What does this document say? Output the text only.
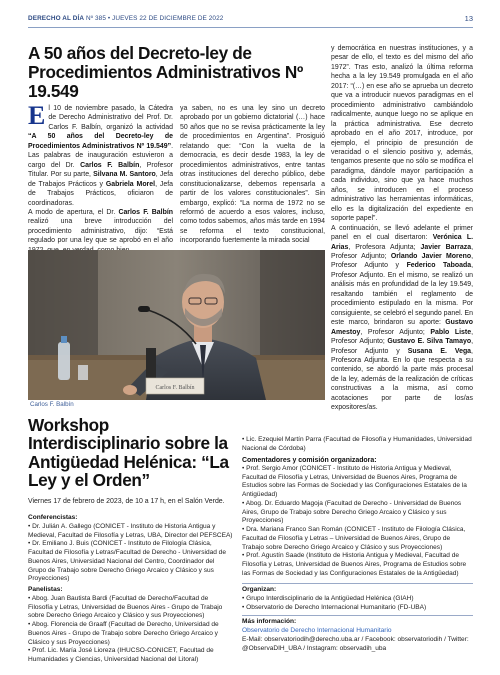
DERECHO AL DÍA Nº 385 • JUEVES 22 DE DICIEMBRE DE 2022	13
A 50 años del Decreto-ley de Procedimientos Administrativos Nº 19.549

El 10 de noviembre pasado, la Cátedra de Derecho Administrativo del Prof. Dr. Carlos F. Balbín, organizó la actividad “A 50 años del Decreto-ley de Procedimientos Administrativos Nº 19.549”. Las palabras de inauguración estuvieron a cargo del Dr. Carlos F. Balbín, Profesor Titular. Por su parte, Silvana M. Santoro, Jefa de Trabajos Prácticos y Gabriela Morel, Jefa de Trabajos Prácticos, oficiaron de coordinadoras.

A modo de apertura, el Dr. Carlos F. Balbín realizó una breve introducción del procedimiento administrativo, dijo: “Está regulado por una ley que se aprobó en el año

ya saben, no es una ley sino un decreto aprobado por un gobierno dictatorial (…) hace 50 años que no se revisa prácticamente la ley de procedimientos en Argentina”. Prosiguió relatando que: “Con la vuelta de la democracia, es decir desde 1983, la ley de procedimientos administrativos, entre tantas otras instituciones del derecho público, debe constitucionalizarse, debemos repensarla a partir de los valores constitucionales”. Sin embargo, explicó: “La norma de 1972 no se reformó de acuerdo a esos valores, incluso, como todos sabemos, años más tarde en 1994 se reforma el texto constitucional, incorporando fuertemente la mirada social

y democrática en nuestras instituciones, y a pesar de ello, el texto es del mismo del año 1972”. Tras esto, analizó la última reforma hecha a la ley 19.549 promulgada en el año 2017: “(…) en ese año se aprueba un decreto que va a introducir nuevos paradigmas en el procedimiento administrativo cambiándolo radicalmente, aunque luego no se aplique en la práctica administrativa. Ese decreto aprobado en el año 2017, introduce, por ejemplo, el principio de presunción de veracidad o el silencio positivo y, además, tengamos presente que no sólo se modifica el paradigma, dándole mayor participación a cada individuo, sino que ya hace muchos años, se introducen en el proceso administrativo las herramientas informáticas, ello es la digitalización del expediente en soporte papel”.

A continuación, se llevó adelante el primer panel en el cual disertaron: Verónica L. Arias, Profesora Adjunta; Javier Barraza, Profesor Adjunto; Orlando Javier Moreno, Profesor Adjunto y Federico Taboada, Profesor Adjunto. En el mismo, se realizó un análisis más en profundidad de la ley 19.549, resaltando también el reglamento de procedimiento estipulado en la misma. Por consiguiente, se celebró el segundo panel. En este marco, brindaron su aporte: Gustavo Amestoy, Profesor Adjunto; Pablo Liste, Profesor Adjunto; Gustavo E. Silva Tamayo, Profesor Adjunto y Susana E. Vega, Profesora Adjunta. En lo que respecta a su contenido, se abordó la parte más procesal de la ley, además de la realización de críticas constructivas a la misma, así como acotaciones por parte de los/as expositores/as.

Carlos F. Balbín
Carlos F. Balbín
Workshop Interdisciplinario sobre la Antigüedad Helénica: “La Ley y el Orden”
Viernes 17 de febrero de 2023, de 10 a 17 h, en el Salón Verde.
Conferencistas:
• Dr. Julián A. Gallego (CONICET - Instituto de Historia Antigua y Medieval, Facultad de Filosofía y Letras, UBA, Director del PEFSCEA)
• Dr. Emiliano J. Buis (CONICET - Instituto de Filología Clásica, Facultad de Filosofía y Letras/Facultad de Derecho - Universidad de Buenos Aires, Universidad Nacional del Centro, Coordinador del Grupo de Trabajo sobre Derecho Griego Arcaico y Clásico y sus Proyecciones)
Panelistas:
• Abog. Juan Bautista Bardi (Facultad de Derecho/Facultad de Filosofía y Letras, Universidad de Buenos Aires - Grupo de Trabajo sobre Derecho Griego Arcaico y Clásico y sus Proyecciones)
• Abog. Florencia de Graaff (Facultad de Derecho, Universidad de Buenos Aires - Grupo de Trabajo sobre Derecho Griego Arcaico y Clásico y sus Proyecciones)
• Prof. Lic. María José Lioreza (IHUCSO-CONICET, Facultad de Humanidades y Ciencias, Universidad Nacional del Litoral)
• Lic. Ezequiel Martín Parra (Facultad de Filosofía y Humanidades, Universidad Nacional de Córdoba)
Comentadores y comisión organizadora:
• Prof. Sergio Amor (CONICET - Instituto de Historia Antigua y Medieval, Facultad de Filosofía y Letras, Universidad de Buenos Aires, Programa de Estudios sobre las Formas de Sociedad y las Configuraciones Estatales de la Antigüedad)
• Abog. Dr. Eduardo Magoja (Facultad de Derecho - Universidad de Buenos Aires, Grupo de Trabajo sobre Derecho Griego Arcaico y Clásico y sus Proyecciones)
• Dra. Mariana Franco San Román (CONICET - Instituto de Filología Clásica, Facultad de Filosofía y Letras – Universidad de Buenos Aires, Grupo de Trabajo sobre Derecho Griego Arcaico y Clásico y sus Proyecciones)
• Prof. Agustín Saade (Instituto de Historia Antigua y Medieval, Facultad de Filosofía y Letras, Universidad de Buenos Aires, Programa de Estudios sobre las Formas de Sociedad y las Configuraciones Estatales de la Antigüedad)
Organizan:
• Grupo Interdisciplinario de la Antigüedad Helénica (GIAH)
• Observatorio de Derecho Internacional Humanitario (FD-UBA)
Más información:
Observatorio de Derecho Internacional Humanitario
E-Mail: observatoriodih@derecho.uba.ar / Facebook: observatoriodih / Twitter: @ObservaDIH_UBA / Instagram: observadih_uba
